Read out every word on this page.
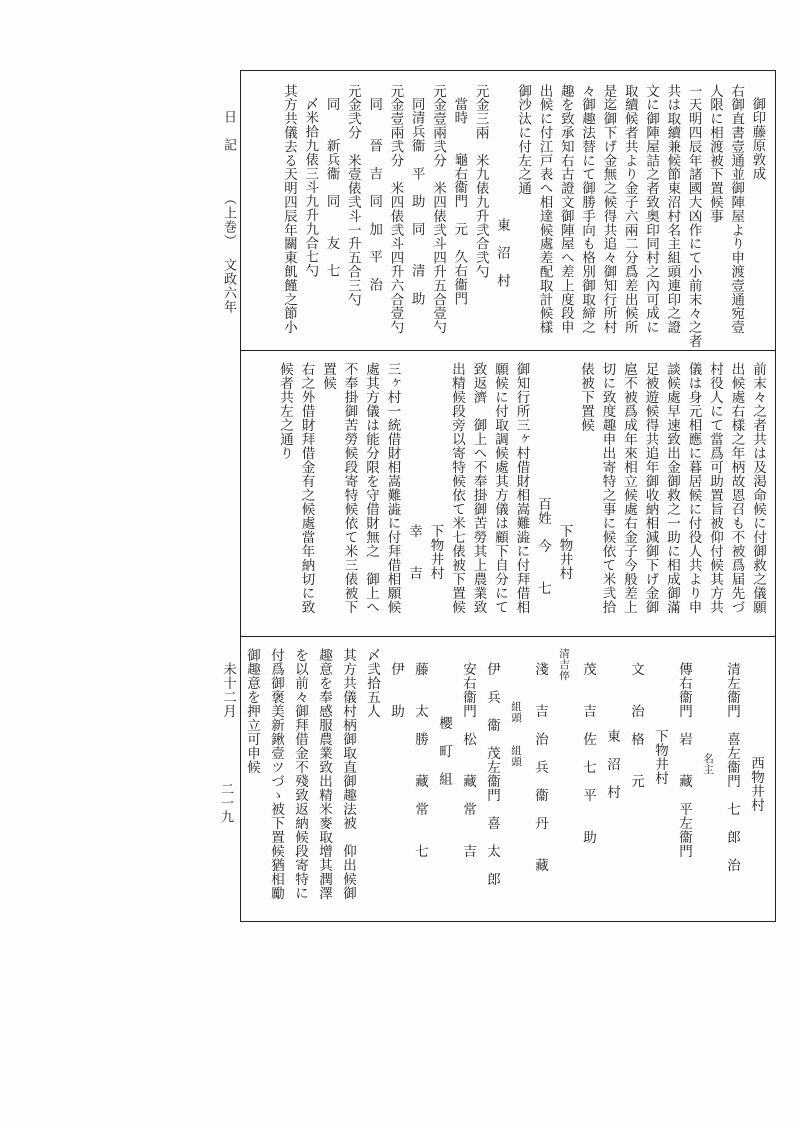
日　記（上巻）文政六年
二一九
御印藤原敦成
右御直書壹通並御陣屋より申渡壹通宛壹
人限に相渡被下置候事
一天明四辰年諸國大凶作にて小前末々之者
共は取續兼候節東沼村名主組頭連印之證
文に御陣屋詰之者致奥印同村之內可成に
取續候者共より金子六兩二分爲差出候所
是迄御下げ金無之候得共追々御知行所村
々御趣法替にて御勝手向も格別御取締之
趣を致承知右古證文御陣屋へ差上度段申
出候に付江戸表へ相達候處差配取計候樣
御沙汰に付左之通
東　沼　村
元金三兩　米九俵九升弐合弐勺
當時　　龜右衞門　元　久右衞門
元金壹兩弐分　米四俵弐斗四升五合壹勺
同清兵衞　平　助　同　　清　助
元金壹兩弐分　米四俵弐斗四升六合壹勺
同　　晉　吉　同　加　平　治
元金弐分　米壹俵弐斗一升五合三勺
同　　新兵衞　同　　友　七
〆米拾九俵三斗九升九合七勺
其方共儀去る天明四辰年關東飢饉之節小
前末々之者共は及渇命候に付御救之儀願
出候處右樣之年柄故恩召も不被爲届先づ
村役人にて當爲可助置旨被仰付候其方共
儀は身元相應に暮居候に付役人共より申
談候處早速致出金御救之一助に相成御滿
足被遊候得共追年御收納相減御下げ金御
扈不被爲成年來相立候處右金子今般差上
切に致度趣申出寄特之事に候依て米弐拾
俵被下置候
下物井村
百姓　今　　七
御知行所三ヶ村借財相嵩難澁に付拜借相
願候に付取調候處其方儀は顧下自分にて
致返濟　御上へ不奉掛御苦勞其上農業致
出精候段旁以寄特候依て米七俵被下置候
下物井村
幸　　吉
三ヶ村一統借財相嵩難澁に付拜借相願候
處其方儀は能分限を守借財無之　御上へ
不奉掛御苦勞候段寄特候依て米三俵被下
置候
右之外借財拜借金有之候處當年納切に致
候者共左之通り
西物井村
清左衞門　喜左衞門　七　郎　治
名主
傳右衞門　岩　　藏　平左衞門
下物井村
文　　治　格　　元
東　沼　村
茂　　吉　佐　七　平　　助
清吉倅
淺　　吉　治　兵　衞　丹　　藏
組頭　　組頭
伊　兵　衞　茂左衞門　喜　太　郎
安右衞門　松　　藏　常　　吉
櫻　町　組
藤　　太　勝　　藏　常　　七
伊　　助
〆弐拾五人
其方共儀村柄御取直御趣法被　仰出候御
趣意を奉感服農業致出精米麥取增其潤澤
を以前々御拜借金不殘致返納候段寄特に
付爲御褒美新鍬壹ツづゝ被下置候猶相勵
御趣意を押立可申候
未十二月
